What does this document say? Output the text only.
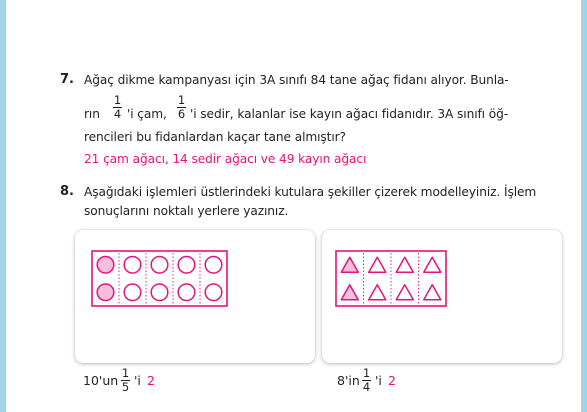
7. Ağaç dikme kampanyası için 3A sınıfı 84 tane ağaç fidanı alıyor. Bunla-
rın
1
4 'i çam,
1
6 'i sedir, kalanlar ise kayın ağacı fidanıdır. 3A sınıfı öğ-
rencileri bu fidanlardan kaçar tane almıştır?
21 çam ağacı, 14 sedir ağacı ve 49 kayın ağacı
8. Aşağıdaki işlemleri üstlerindeki kutulara şekiller çizerek modelleyiniz. İşlem
sonuçlarını noktalı yerlere yazınız.
10'un 1
5 'i 2	8'in 1
4 'i 2
